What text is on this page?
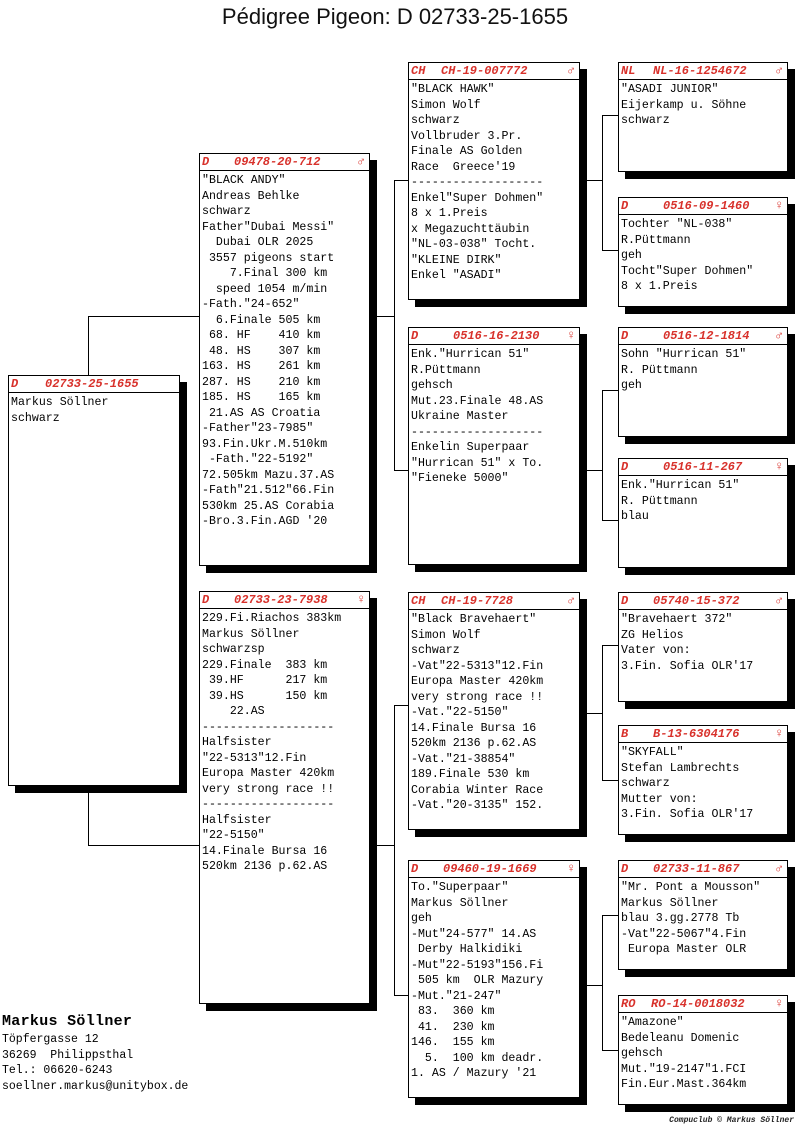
Pédigree Pigeon: D 02733-25-1655
D 02733-25-1655
Markus Söllner
schwarz
D 09478-20-712	♂
"BLACK ANDY"
Andreas Behlke
schwarz
Father"Dubai Messi"
Dubai OLR 2025
3557 pigeons start
7.Final 300 km
speed 1054 m/min
-Fath."24-652"
6.Finale 505 km
68. HF    410 km
48. HS    307 km
163. HS    261 km
287. HS    210 km
185. HS    165 km
21.AS AS Croatia
-Father"23-7985"
93.Fin.Ukr.M.510km
-Fath."22-5192"
72.505km Mazu.37.AS
-Fath"21.512"66.Fin
530km 25.AS Corabia
-Bro.3.Fin.AGD '20
D 02733-23-7938 ♀
229.Fi.Riachos 383km
Markus Söllner
schwarzsp
229.Finale  383 km
39.HF      217 km
39.HS      150 km
22.AS
-------------------
Halfsister
"22-5313"12.Fin
Europa Master 420km
very strong race !!
-------------------
Halfsister
"22-5150"
14.Finale Bursa 16
520km 2136 p.62.AS
CH CH-19-007772	♂
"BLACK HAWK"
Simon Wolf
schwarz
Vollbruder 3.Pr.
Finale AS Golden
Race  Greece'19
-------------------
Enkel"Super Dohmen"
8 x 1.Preis
x Megazuchttäubin
"NL-03-038" Tocht.
"KLEINE DIRK"
Enkel "ASADI"
D	0516-16-2130 ♀
Enk."Hurrican 51"
R.Püttmann
gehsch
Mut.23.Finale 48.AS
Ukraine Master
-------------------
Enkelin Superpaar
"Hurrican 51" x To.
"Fieneke 5000"
CH CH-19-7728	♂
"Black Bravehaert"
Simon Wolf
schwarz
-Vat"22-5313"12.Fin
Europa Master 420km
very strong race !!
-Vat."22-5150"
14.Finale Bursa 16
520km 2136 p.62.AS
-Vat."21-38854"
189.Finale 530 km
Corabia Winter Race
-Vat."20-3135" 152.
D 09460-19-1669 ♀
To."Superpaar"
Markus Söllner
geh
-Mut"24-577" 14.AS
Derby Halkidiki
-Mut"22-5193"156.Fi
505 km  OLR Mazury
-Mut."21-247"
83.  360 km
41.  230 km
146.  155 km
5.  100 km deadr.
1. AS / Mazury '21
NL NL-16-1254672 ♂
"ASADI JUNIOR"
Eijerkamp u. Söhne
schwarz
D	0516-09-1460 ♀
Tochter "NL-038"
R.Püttmann
geh
Tocht"Super Dohmen"
8 x 1.Preis
D	0516-12-1814 ♂
Sohn "Hurrican 51"
R. Püttmann
geh
D	0516-11-267	♀
Enk."Hurrican 51"
R. Püttmann
blau
D 05740-15-372	♂
"Bravehaert 372"
ZG Helios
Vater von:
3.Fin. Sofia OLR'17
B B-13-6304176	♀
"SKYFALL"
Stefan Lambrechts
schwarz
Mutter von:
3.Fin. Sofia OLR'17
D 02733-11-867	♂
"Mr. Pont a Mousson"
Markus Söllner
blau 3.gg.2778 Tb
-Vat"22-5067"4.Fin
Europa Master OLR
RO RO-14-0018032 ♀
"Amazone"
Bedeleanu Domenic
gehsch
Mut."19-2147"1.FCI
Fin.Eur.Mast.364km
Markus Söllner
Töpfergasse 12
36269  Philippsthal
Tel.: 06620-6243
soellner.markus@unitybox.de
Compuclub © Markus Söllner
